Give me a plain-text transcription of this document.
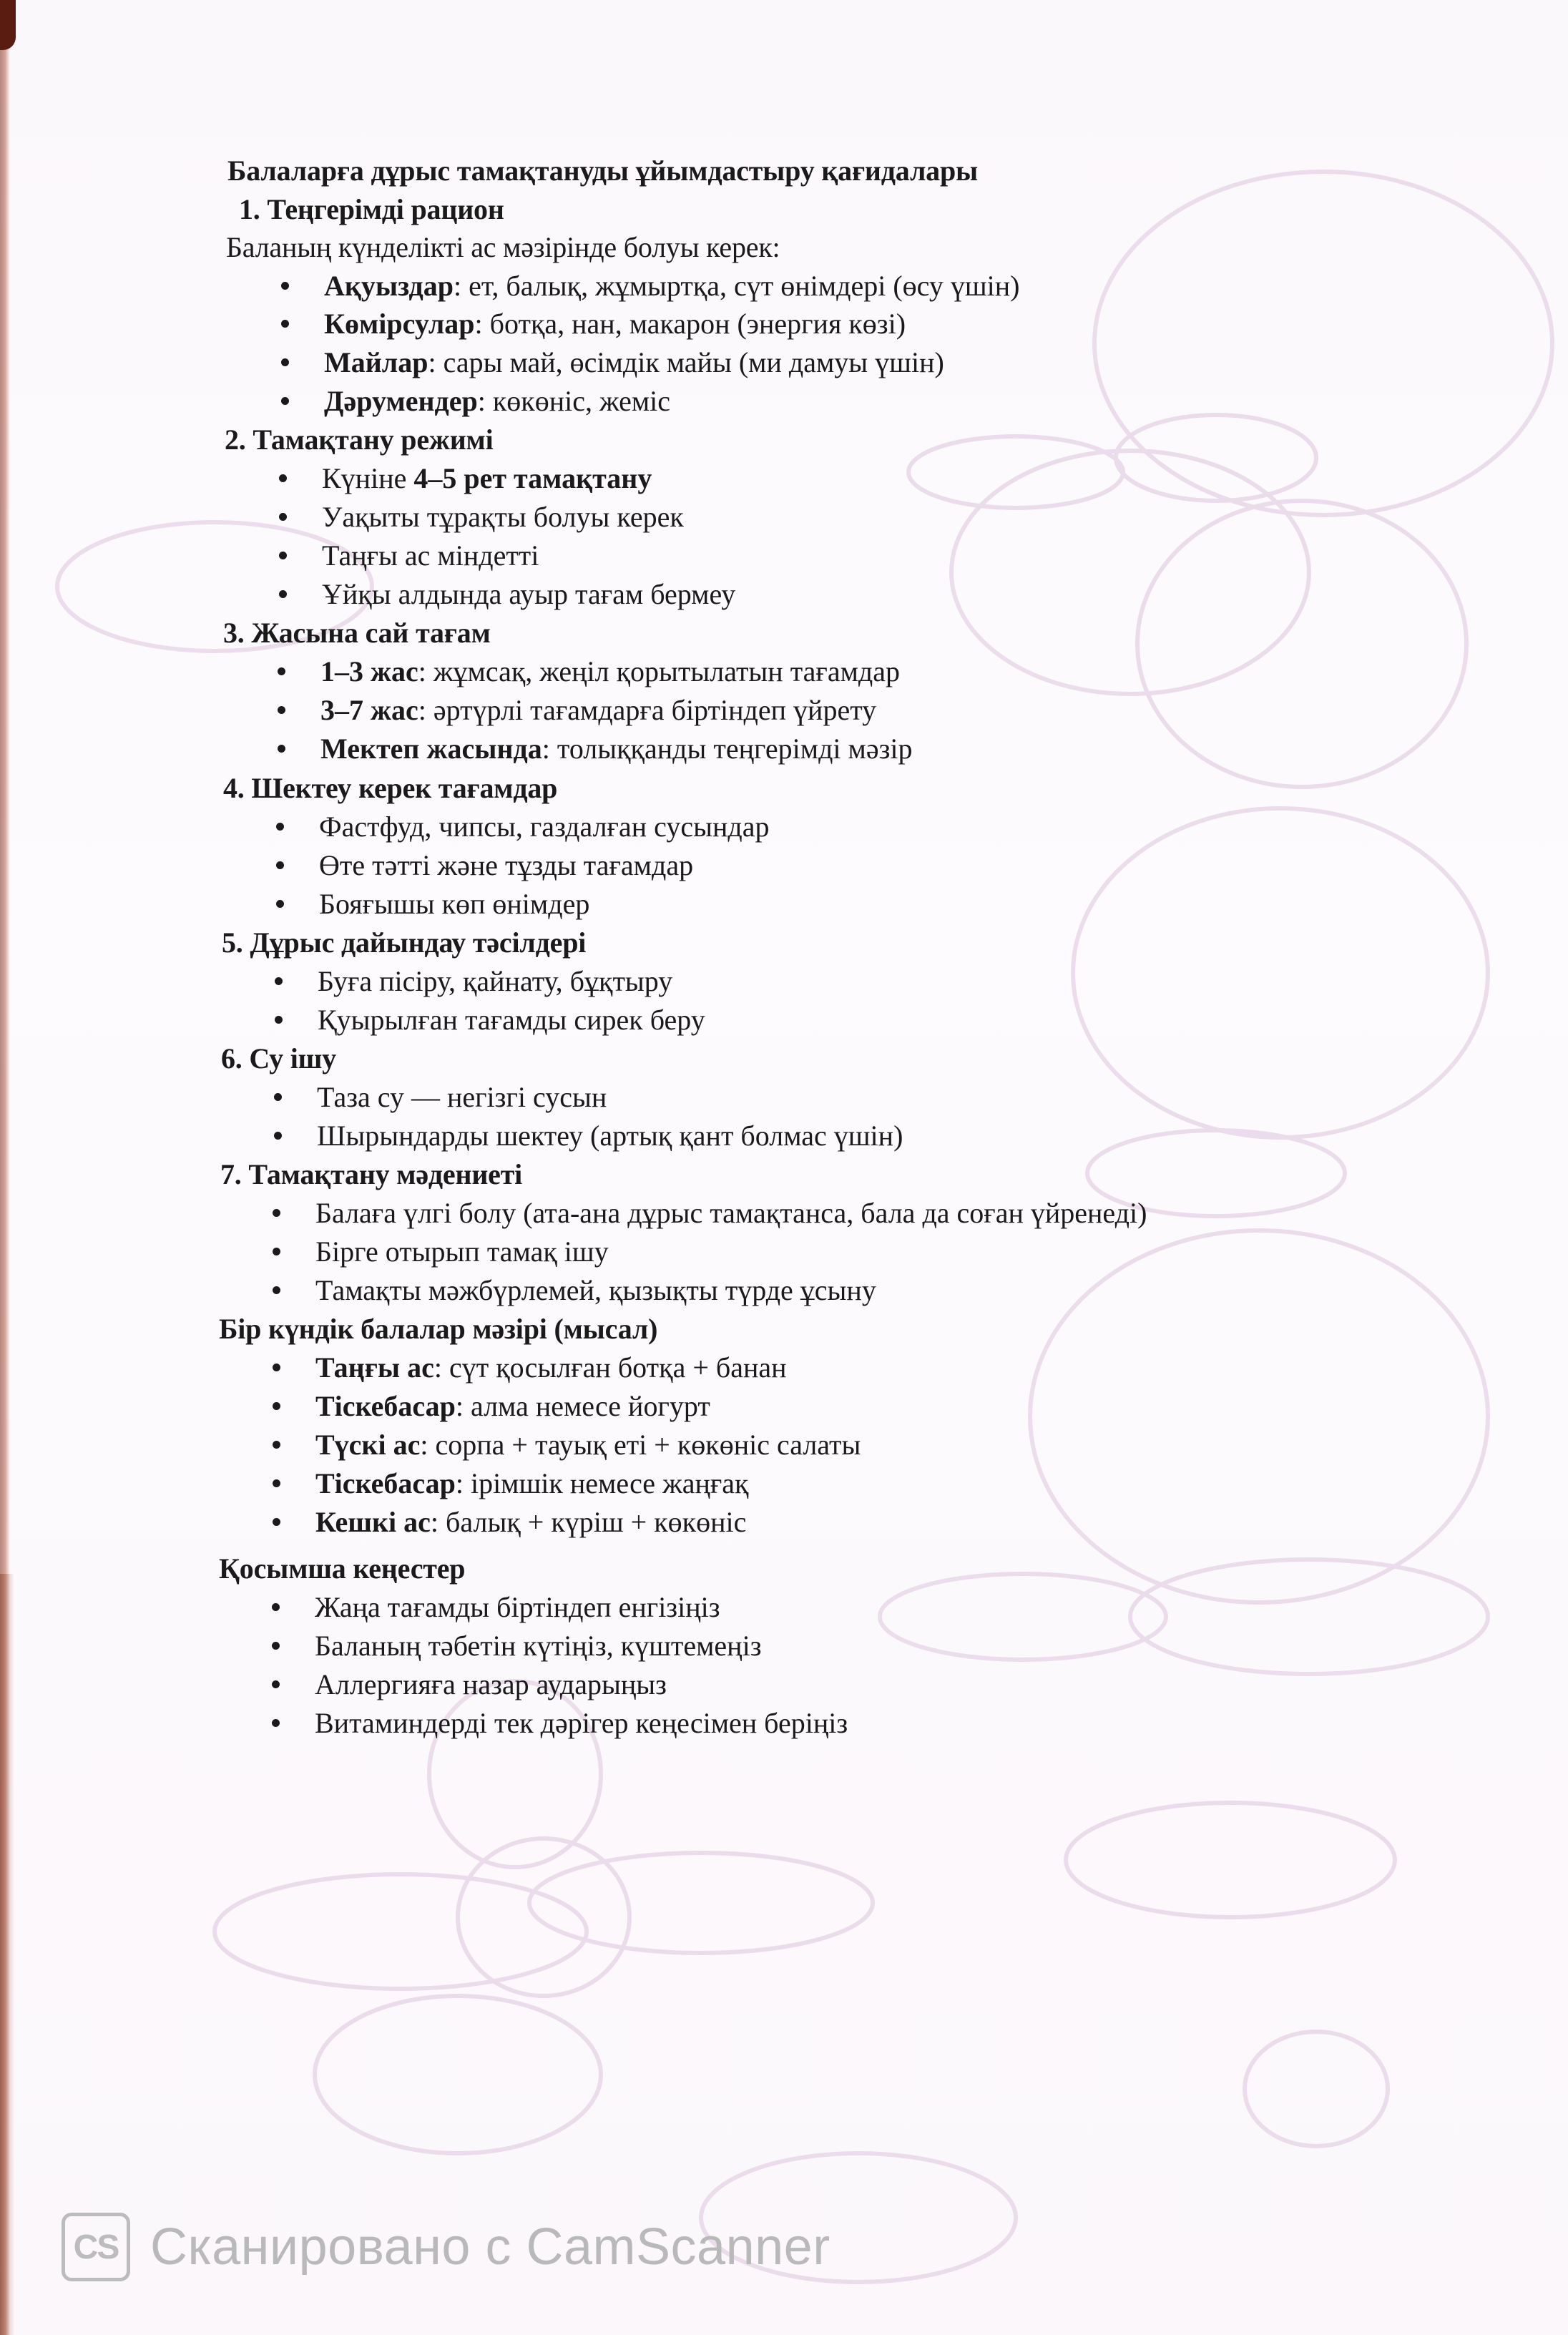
Балаларға дұрыс тамақтануды ұйымдастыру қағидалары

1. Теңгерімді рацион

Баланың күнделікті ас мәзірінде болуы керек:

Ақуыздар: ет, балық, жұмыртқа, сүт өнімдері (өсу үшін)
Көмірсулар: ботқа, нан, макарон (энергия көзі)
Майлар: сары май, өсімдік майы (ми дамуы үшін)
Дәрумендер: көкөніс, жеміс

2. Тамақтану режимі

Күніне 4–5 рет тамақтану
Уақыты тұрақты болуы керек
Таңғы ас міндетті
Ұйқы алдында ауыр тағам бермеу

3. Жасына сай тағам

1–3 жас: жұмсақ, жеңіл қорытылатын тағамдар
3–7 жас: әртүрлі тағамдарға біртіндеп үйрету
Мектеп жасында: толыққанды теңгерімді мәзір

4. Шектеу керек тағамдар

Фастфуд, чипсы, газдалған сусындар
Өте тәтті және тұзды тағамдар
Бояғышы көп өнімдер

5. Дұрыс дайындау тәсілдері

Буға пісіру, қайнату, бұқтыру
Қуырылған тағамды сирек беру

6. Су ішу

Таза су — негізгі сусын
Шырындарды шектеу (артық қант болмас үшін)

7. Тамақтану мәдениеті

Балаға үлгі болу (ата-ана дұрыс тамақтанса, бала да соған үйренеді)
Бірге отырып тамақ ішу
Тамақты мәжбүрлемей, қызықты түрде ұсыну

Бір күндік балалар мәзірі (мысал)

Таңғы ас: сүт қосылған ботқа + банан
Тіскебасар: алма немесе йогурт
Түскі ас: сорпа + тауық еті + көкөніс салаты
Тіскебасар: ірімшік немесе жаңғақ
Кешкі ас: балық + күріш + көкөніс

Қосымша кеңестер

Жаңа тағамды біртіндеп енгізіңіз
Баланың тәбетін күтіңіз, күштемеңіз
Аллергияға назар аударыңыз
Витаминдерді тек дәрігер кеңесімен беріңіз
CS Сканировано с CamScanner
